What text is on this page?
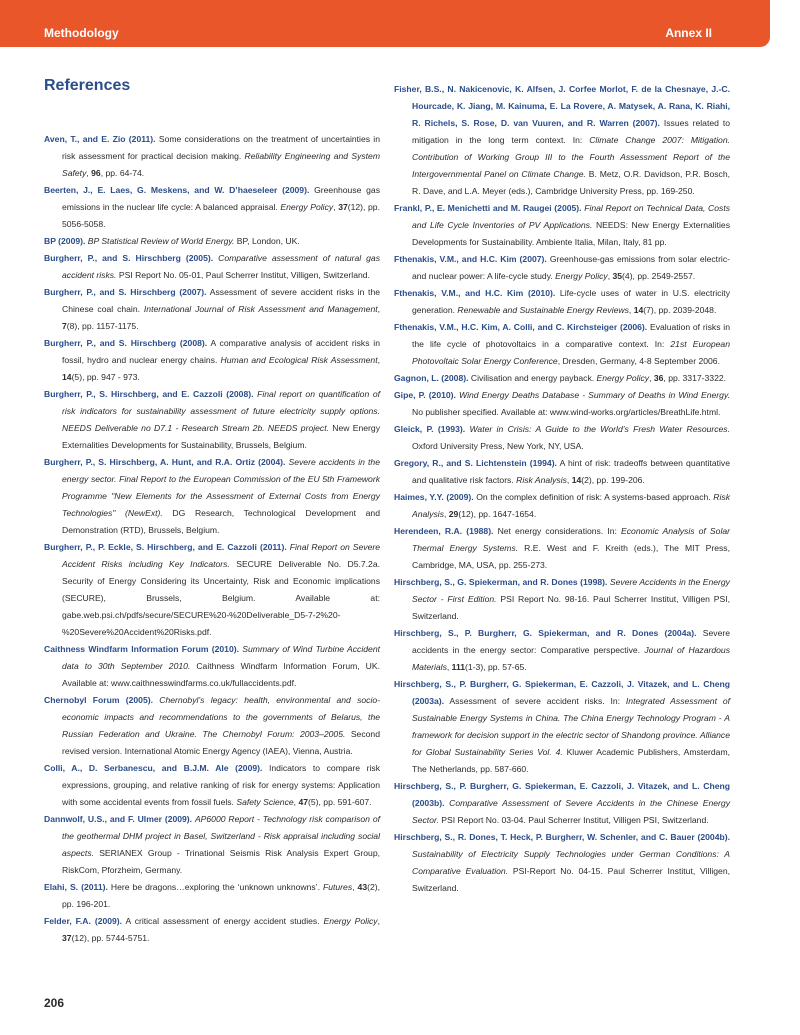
Methodology	Annex II
References

Aven, T., and E. Zio (2011). Some considerations on the treatment of uncertainties in risk assessment for practical decision making. Reliability Engineering and System Safety, 96, pp. 64-74.

Beerten, J., E. Laes, G. Meskens, and W. D’haeseleer (2009). Greenhouse gas emissions in the nuclear life cycle: A balanced appraisal. Energy Policy, 37(12), pp. 5056-5058.

BP (2009). BP Statistical Review of World Energy. BP, London, UK.

Burgherr, P., and S. Hirschberg (2005). Comparative assessment of natural gas accident risks. PSI Report No. 05-01, Paul Scherrer Institut, Villigen, Switzerland.

Burgherr, P., and S. Hirschberg (2007). Assessment of severe accident risks in the Chinese coal chain. International Journal of Risk Assessment and Management, 7(8), pp. 1157-1175.

Burgherr, P., and S. Hirschberg (2008). A comparative analysis of accident risks in fossil, hydro and nuclear energy chains. Human and Ecological Risk Assessment, 14(5), pp. 947 - 973.

Burgherr, P., S. Hirschberg, and E. Cazzoli (2008). Final report on quantification of risk indicators for sustainability assessment of future electricity supply options. NEEDS Deliverable no D7.1 - Research Stream 2b. NEEDS project. New Energy Externalities Developments for Sustainability, Brussels, Belgium.

Burgherr, P., S. Hirschberg, A. Hunt, and R.A. Ortiz (2004). Severe accidents in the energy sector. Final Report to the European Commission of the EU 5th Framework Programme "New Elements for the Assessment of External Costs from Energy Technologies" (NewExt). DG Research, Technological Development and Demonstration (RTD), Brussels, Belgium.

Burgherr, P., P. Eckle, S. Hirschberg, and E. Cazzoli (2011). Final Report on Severe Accident Risks including Key Indicators. SECURE Deliverable No. D5.7.2a. Security of Energy Considering its Uncertainty, Risk and Economic implications (SECURE), Brussels, Belgium. Available at: gabe.web.psi.ch/pdfs/secure/SECURE%20-%20Deliverable_D5-7-2%20-%20Severe%20Accident%20Risks.pdf.

Caithness Windfarm Information Forum (2010). Summary of Wind Turbine Accident data to 30th September 2010. Caithness Windfarm Information Forum, UK. Available at: www.caithnesswindfarms.co.uk/fullaccidents.pdf.

Chernobyl Forum (2005). Chernobyl’s legacy: health, environmental and socio-economic impacts and recommendations to the governments of Belarus, the Russian Federation and Ukraine. The Chernobyl Forum: 2003–2005. Second revised version. International Atomic Energy Agency (IAEA), Vienna, Austria.

Colli, A., D. Serbanescu, and B.J.M. Ale (2009). Indicators to compare risk expressions, grouping, and relative ranking of risk for energy systems: Application with some accidental events from fossil fuels. Safety Science, 47(5), pp. 591-607.

Dannwolf, U.S., and F. Ulmer (2009). AP6000 Report - Technology risk comparison of the geothermal DHM project in Basel, Switzerland - Risk appraisal including social aspects. SERIANEX Group - Trinational Seismis Risk Analysis Expert Group, RiskCom, Pforzheim, Germany.

Elahi, S. (2011). Here be dragons…exploring the ‘unknown unknowns’. Futures, 43(2), pp. 196-201.

Felder, F.A. (2009). A critical assessment of energy accident studies. Energy Policy, 37(12), pp. 5744-5751.

Fisher, B.S., N. Nakicenovic, K. Alfsen, J. Corfee Morlot, F. de la Chesnaye, J.-C. Hourcade, K. Jiang, M. Kainuma, E. La Rovere, A. Matysek, A. Rana, K. Riahi, R. Richels, S. Rose, D. van Vuuren, and R. Warren (2007). Issues related to mitigation in the long term context. In: Climate Change 2007: Mitigation. Contribution of Working Group III to the Fourth Assessment Report of the Intergovernmental Panel on Climate Change. B. Metz, O.R. Davidson, P.R. Bosch, R. Dave, and L.A. Meyer (eds.), Cambridge University Press, pp. 169-250.

Frankl, P., E. Menichetti and M. Raugei (2005). Final Report on Technical Data, Costs and Life Cycle Inventories of PV Applications. NEEDS: New Energy Externalities Developments for Sustainability. Ambiente Italia, Milan, Italy, 81 pp.

Fthenakis, V.M., and H.C. Kim (2007). Greenhouse-gas emissions from solar electric- and nuclear power: A life-cycle study. Energy Policy, 35(4), pp. 2549-2557.

Fthenakis, V.M., and H.C. Kim (2010). Life-cycle uses of water in U.S. electricity generation. Renewable and Sustainable Energy Reviews, 14(7), pp. 2039-2048.

Fthenakis, V.M., H.C. Kim, A. Colli, and C. Kirchsteiger (2006). Evaluation of risks in the life cycle of photovoltaics in a comparative context. In: 21st European Photovoltaic Solar Energy Conference, Dresden, Germany, 4-8 September 2006.

Gagnon, L. (2008). Civilisation and energy payback. Energy Policy, 36, pp. 3317-3322.

Gipe, P. (2010). Wind Energy Deaths Database - Summary of Deaths in Wind Energy. No publisher specified. Available at: www.wind-works.org/articles/BreathLife.html.

Gleick, P. (1993). Water in Crisis: A Guide to the World’s Fresh Water Resources. Oxford University Press, New York, NY, USA.

Gregory, R., and S. Lichtenstein (1994). A hint of risk: tradeoffs between quantitative and qualitative risk factors. Risk Analysis, 14(2), pp. 199-206.

Haimes, Y.Y. (2009). On the complex definition of risk: A systems-based approach. Risk Analysis, 29(12), pp. 1647-1654.

Herendeen, R.A. (1988). Net energy considerations. In: Economic Analysis of Solar Thermal Energy Systems. R.E. West and F. Kreith (eds.), The MIT Press, Cambridge, MA, USA, pp. 255-273.

Hirschberg, S., G. Spiekerman, and R. Dones (1998). Severe Accidents in the Energy Sector - First Edition. PSI Report No. 98-16. Paul Scherrer Institut, Villigen PSI, Switzerland.

Hirschberg, S., P. Burgherr, G. Spiekerman, and R. Dones (2004a). Severe accidents in the energy sector: Comparative perspective. Journal of Hazardous Materials, 111(1-3), pp. 57-65.

Hirschberg, S., P. Burgherr, G. Spiekerman, E. Cazzoli, J. Vitazek, and L. Cheng (2003a). Assessment of severe accident risks. In: Integrated Assessment of Sustainable Energy Systems in China. The China Energy Technology Program - A framework for decision support in the electric sector of Shandong province. Alliance for Global Sustainability Series Vol. 4. Kluwer Academic Publishers, Amsterdam, The Netherlands, pp. 587-660.

Hirschberg, S., P. Burgherr, G. Spiekerman, E. Cazzoli, J. Vitazek, and L. Cheng (2003b). Comparative Assessment of Severe Accidents in the Chinese Energy Sector. PSI Report No. 03-04. Paul Scherrer Institut, Villigen PSI, Switzerland.

Hirschberg, S., R. Dones, T. Heck, P. Burgherr, W. Schenler, and C. Bauer (2004b). Sustainability of Electricity Supply Technologies under German Conditions: A Comparative Evaluation. PSI-Report No. 04-15. Paul Scherrer Institut, Villigen, Switzerland.

206
